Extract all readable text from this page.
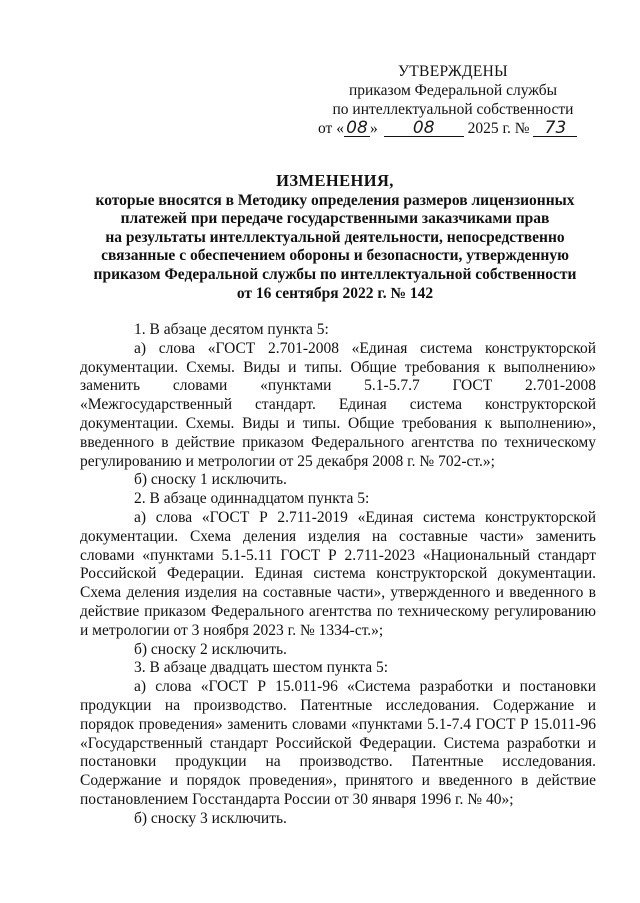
УТВЕРЖДЕНЫ
приказом Федеральной службы
по интеллектуальной собственности
от « 08 » 08 2025 г. № 73
ИЗМЕНЕНИЯ,
которые вносятся в Методику определения размеров лицензионных
платежей при передаче государственными заказчиками прав
на результаты интеллектуальной деятельности, непосредственно
связанные с обеспечением обороны и безопасности, утвержденную
приказом Федеральной службы по интеллектуальной собственности
от 16 сентября 2022 г. № 142

1. В абзаце десятом пункта 5:

а) слова «ГОСТ 2.701-2008 «Единая система конструкторской документации. Схемы. Виды и типы. Общие требования к выполнению» заменить словами «пунктами 5.1-5.7.7 ГОСТ 2.701-2008 «Межгосударственный стандарт. Единая система конструкторской документации. Схемы. Виды и типы. Общие требования к выполнению», введенного в действие приказом Федерального агентства по техническому регулированию и метрологии от 25 декабря 2008 г. № 702-ст.»;

б) сноску 1 исключить.

2. В абзаце одиннадцатом пункта 5:

а) слова «ГОСТ Р 2.711-2019 «Единая система конструкторской документации. Схема деления изделия на составные части» заменить словами «пунктами 5.1-5.11 ГОСТ Р 2.711-2023 «Национальный стандарт Российской Федерации. Единая система конструкторской документации. Схема деления изделия на составные части», утвержденного и введенного в действие приказом Федерального агентства по техническому регулированию и метрологии от 3 ноября 2023 г. № 1334-ст.»;

б) сноску 2 исключить.

3. В абзаце двадцать шестом пункта 5:

а) слова «ГОСТ Р 15.011-96 «Система разработки и постановки продукции на производство. Патентные исследования. Содержание и порядок проведения» заменить словами «пунктами 5.1-7.4 ГОСТ Р 15.011-96 «Государственный стандарт Российской Федерации. Система разработки и постановки продукции на производство. Патентные исследования. Содержание и порядок проведения», принятого и введенного в действие постановлением Госстандарта России от 30 января 1996 г. № 40»;

б) сноску 3 исключить.
